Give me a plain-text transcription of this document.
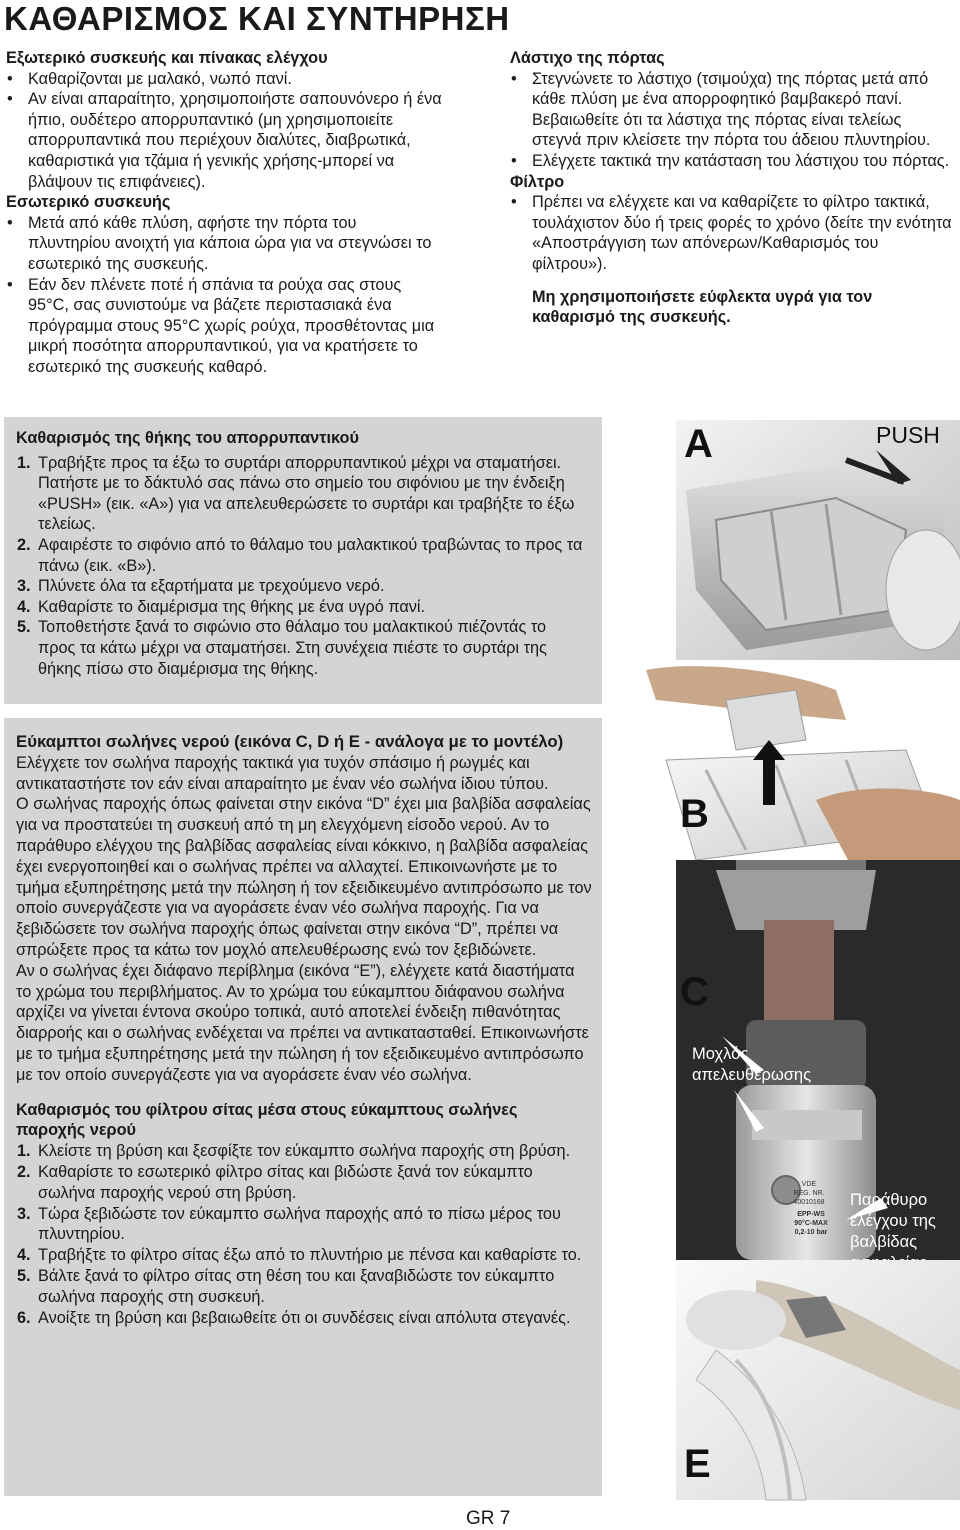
ΚΑΘΑΡΙΣΜΟΣ ΚΑΙ ΣΥΝΤΗΡΗΣΗ
Εξωτερικό συσκευής και πίνακας ελέγχου
• Καθαρίζονται με μαλακό, νωπό πανί.
• Αν είναι απαραίτητο, χρησιμοποιήστε σαπουνόνερο ή ένα ήπιο, ουδέτερο απορρυπαντικό (μη χρησιμοποιείτε απορρυπαντικά που περιέχουν διαλύτες, διαβρωτικά, καθαριστικά για τζάμια ή γενικής χρήσης-μπορεί να βλάψουν τις επιφάνειες).
Εσωτερικό συσκευής
• Μετά από κάθε πλύση, αφήστε την πόρτα του πλυντηρίου ανοιχτή για κάποια ώρα για να στεγνώσει το εσωτερικό της συσκευής.
• Εάν δεν πλένετε ποτέ ή σπάνια τα ρούχα σας στους 95°C, σας συνιστούμε να βάζετε περιστασιακά ένα πρόγραμμα στους 95°C χωρίς ρούχα, προσθέτοντας μια μικρή ποσότητα απορρυπαντικού, για να κρατήσετε το εσωτερικό της συσκευής καθαρό.
Λάστιχο της πόρτας
• Στεγνώνετε το λάστιχο (τσιμούχα) της πόρτας μετά από κάθε πλύση με ένα απορροφητικό βαμβακερό πανί. Βεβαιωθείτε ότι τα λάστιχα της πόρτας είναι τελείως στεγνά πριν κλείσετε την πόρτα του άδειου πλυντηρίου.
• Ελέγχετε τακτικά την κατάσταση του λάστιχου του πόρτας.
Φίλτρο
• Πρέπει να ελέγχετε και να καθαρίζετε το φίλτρο τακτικά, τουλάχιστον δύο ή τρεις φορές το χρόνο (δείτε την ενότητα «Αποστράγγιση των απόνερων/Καθαρισμός του φίλτρου»).
Μη χρησιμοποιήσετε εύφλεκτα υγρά για τον καθαρισμό της συσκευής.
Καθαρισμός της θήκης του απορρυπαντικού
1. Τραβήξτε προς τα έξω το συρτάρι απορρυπαντικού μέχρι να σταματήσει. Πατήστε με το δάκτυλό σας πάνω στο σημείο του σιφόνιου με την ένδειξη «PUSH» (εικ. «A») για να απελευθερώσετε το συρτάρι και τραβήξτε το έξω τελείως.
2. Αφαιρέστε το σιφόνιο από το θάλαμο του μαλακτικού τραβώντας το προς τα πάνω (εικ. «B»).
3. Πλύνετε όλα τα εξαρτήματα με τρεχούμενο νερό.
4. Καθαρίστε το διαμέρισμα της θήκης με ένα υγρό πανί.
5. Τοποθετήστε ξανά το σιφώνιο στο θάλαμο του μαλακτικού πιέζοντάς το προς τα κάτω μέχρι να σταματήσει. Στη συνέχεια πιέστε το συρτάρι της θήκης πίσω στο διαμέρισμα της θήκης.
Εύκαμπτοι σωλήνες νερού (εικόνα C, D ή E - ανάλογα με το μοντέλο)
Ελέγχετε τον σωλήνα παροχής τακτικά για τυχόν σπάσιμο ή ρωγμές και αντικαταστήστε τον εάν είναι απαραίτητο με έναν νέο σωλήνα ίδιου τύπου.
Ο σωλήνας παροχής όπως φαίνεται στην εικόνα “D” έχει μια βαλβίδα ασφαλείας για να προστατεύει τη συσκευή από τη μη ελεγχόμενη είσοδο νερού. Αν το παράθυρο ελέγχου της βαλβίδας ασφαλείας είναι κόκκινο, η βαλβίδα ασφαλείας έχει ενεργοποιηθεί και ο σωλήνας πρέπει να αλλαχτεί. Επικοινωνήστε με το τμήμα εξυπηρέτησης μετά την πώληση ή τον εξειδικευμένο αντιπρόσωπο με τον οποίο συνεργάζεστε για να αγοράσετε έναν νέο σωλήνα παροχής. Για να ξεβιδώσετε τον σωλήνα παροχής όπως φαίνεται στην εικόνα “D”, πρέπει να σπρώξετε προς τα κάτω τον μοχλό απελευθέρωσης ενώ τον ξεβιδώνετε.
Αν ο σωλήνας έχει διάφανο περίβλημα (εικόνα “E”), ελέγχετε κατά διαστήματα το χρώμα του περιβλήματος. Αν το χρώμα του εύκαμπτου διάφανου σωλήνα αρχίζει να γίνεται έντονα σκούρο τοπικά, αυτό αποτελεί ένδειξη πιθανότητας διαρροής και ο σωλήνας ενδέχεται να πρέπει να αντικατασταθεί. Επικοινωνήστε με το τμήμα εξυπηρέτησης μετά την πώληση ή τον εξειδικευμένο αντιπρόσωπο με τον οποίο συνεργάζεστε για να αγοράσετε έναν νέο σωλήνα.
Καθαρισμός του φίλτρου σίτας μέσα στους εύκαμπτους σωλήνες παροχής νερού
1. Κλείστε τη βρύση και ξεσφίξτε τον εύκαμπτο σωλήνα παροχής στη βρύση.
2. Καθαρίστε το εσωτερικό φίλτρο σίτας και βιδώστε ξανά τον εύκαμπτο σωλήνα παροχής νερού στη βρύση.
3. Τώρα ξεβιδώστε τον εύκαμπτο σωλήνα παροχής από το πίσω μέρος του πλυντηρίου.
4. Τραβήξτε το φίλτρο σίτας έξω από το πλυντήριο με πένσα και καθαρίστε το.
5. Βάλτε ξανά το φίλτρο σίτας στη θέση του και ξαναβιδώστε τον εύκαμπτο σωλήνα παροχής στη συσκευή.
6. Ανοίξτε τη βρύση και βεβαιωθείτε ότι οι συνδέσεις είναι απόλυτα στεγανές.
A	PUSH
B
C
VDE
REG. NR.
40010168
EPP-WS
90°C-MAX
0,2-10 bar
Μοχλός απελευθέρωσης
Παράθυρο ελέγχου της βαλβίδας
E
GR 7
